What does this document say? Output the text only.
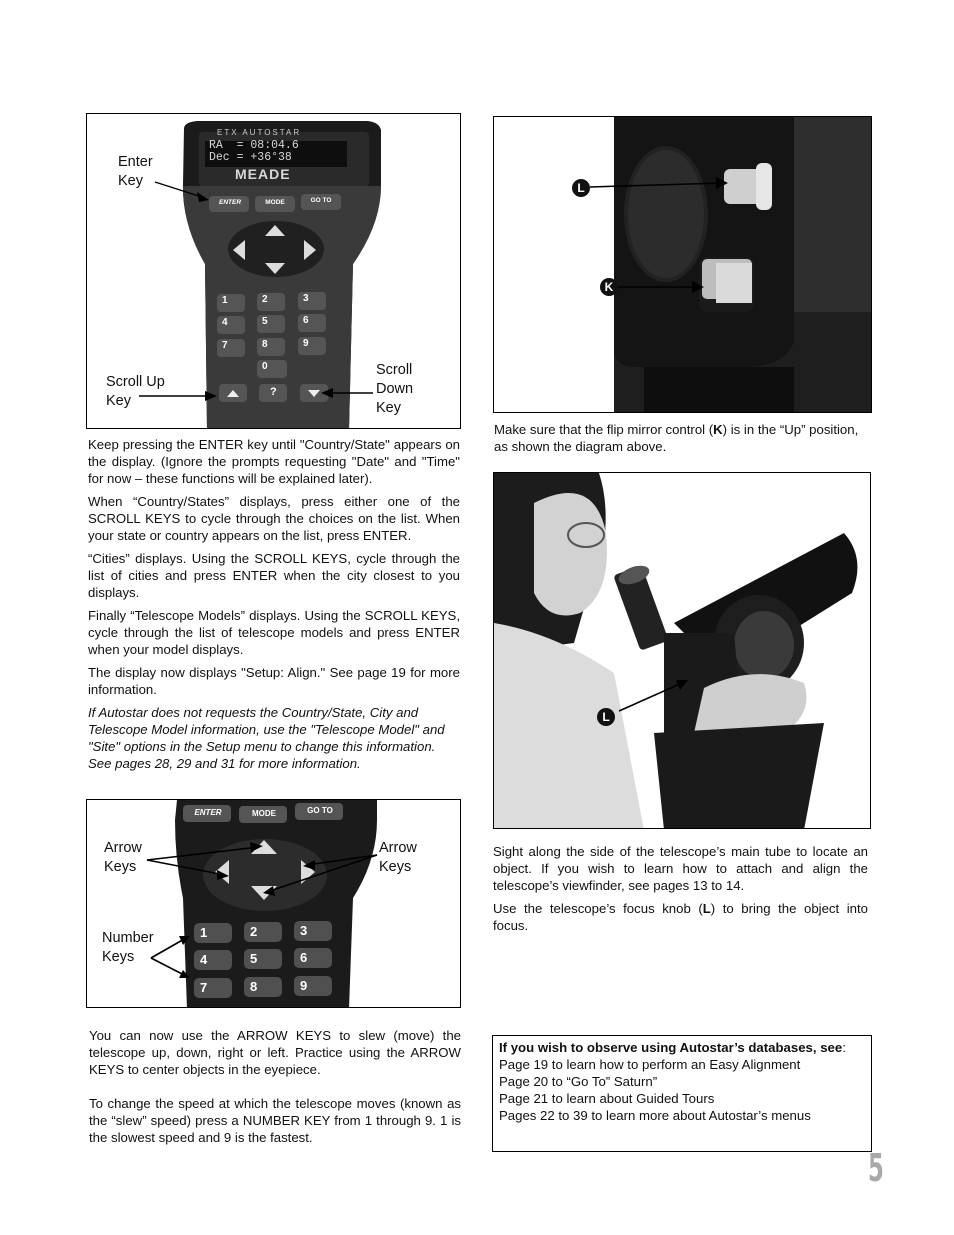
ETX AUTOSTAR
RA  = 08:04.6
Dec = +36°38
MEADE
ENTER	MODE	GO TO
1	2	3
4	5	6
7	8	9
0
?
Enter
Key
Scroll Up
Key
Scroll
Down
Key

Keep pressing the ENTER key until "Country/State" appears on the display. (Ignore the prompts requesting "Date" and "Time" for now – these functions will be explained later).

When “Country/States” displays, press either one of the SCROLL KEYS to cycle through the choices on the list. When your state or country appears on the list, press ENTER.

“Cities” displays. Using the SCROLL KEYS, cycle through the list of cities and press ENTER when the city closest to you displays.

Finally “Telescope Models” displays. Using the SCROLL KEYS, cycle through the list of telescope models and press ENTER when your model displays.

The display now displays "Setup: Align." See page 19 for more information.

If Autostar does not requests the Country/State, City and Telescope Model information, use the "Telescope Model" and "Site" options in the Setup menu to change this information. See pages 28, 29 and 31 for more information.

ENTER	MODE	GO TO
1	2	3
4	5	6
7	8	9
Arrow
Keys
Arrow
Keys
Number
Keys

You can now use the ARROW KEYS to slew (move) the telescope up, down, right or left. Practice using the ARROW KEYS to center objects in the eyepiece.

To change the speed at which the telescope moves (known as the “slew” speed) press a NUMBER KEY from 1 through 9. 1 is the slowest speed and 9 is the fastest.

L
K
Make sure that the flip mirror control (K) is in the “Up” position, as shown the diagram above.
L

Sight along the side of the telescope’s main tube to locate an object. If you wish to learn how to attach and align the telescope’s viewfinder, see pages 13 to 14.

Use the telescope’s focus knob (L) to bring the object into focus.

If you wish to observe using Autostar’s databases, see:
Page 19 to learn how to perform an Easy Alignment
Page 20 to “Go To” Saturn”
Page 21 to learn about Guided Tours
Pages 22 to 39 to learn more about Autostar’s menus
5
